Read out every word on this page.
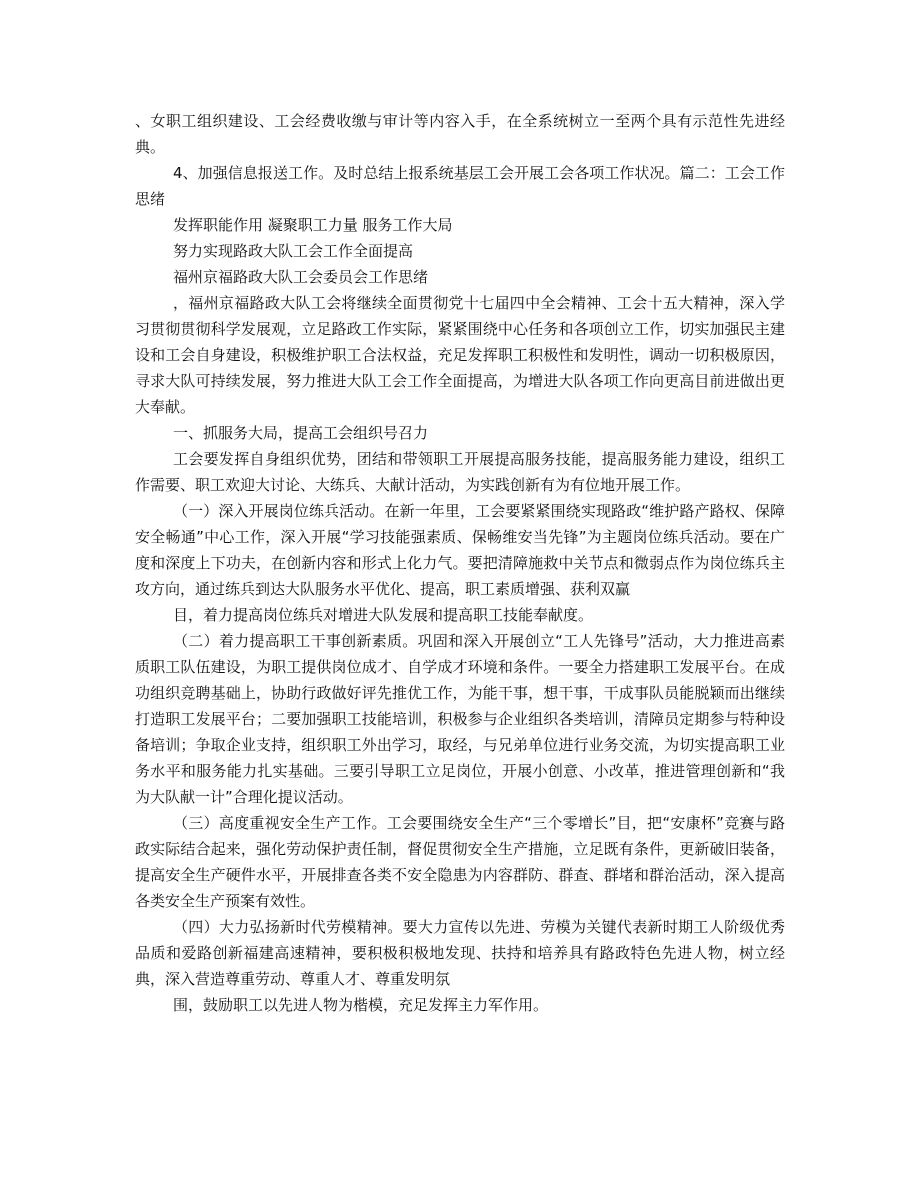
、女职工组织建设、工会经费收缴与审计等内容入手，在全系统树立一至两个具有示范性先进经典。

4、加强信息报送工作。及时总结上报系统基层工会开展工会各项工作状况。篇二：工会工作思绪

发挥职能作用 凝聚职工力量 服务工作大局

努力实现路政大队工会工作全面提高

福州京福路政大队工会委员会工作思绪

，福州京福路政大队工会将继续全面贯彻党十七届四中全会精神、工会十五大精神，深入学习贯彻贯彻科学发展观，立足路政工作实际，紧紧围绕中心任务和各项创立工作，切实加强民主建设和工会自身建设，积极维护职工合法权益，充足发挥职工积极性和发明性，调动一切积极原因，寻求大队可持续发展，努力推进大队工会工作全面提高，为增进大队各项工作向更高目前进做出更大奉献。

一、抓服务大局，提高工会组织号召力

工会要发挥自身组织优势，团结和带领职工开展提高服务技能，提高服务能力建设，组织工作需要、职工欢迎大讨论、大练兵、大献计活动，为实践创新有为有位地开展工作。

（一）深入开展岗位练兵活动。在新一年里，工会要紧紧围绕实现路政“维护路产路权、保障安全畅通”中心工作，深入开展“学习技能强素质、保畅维安当先锋”为主题岗位练兵活动。要在广度和深度上下功夫，在创新内容和形式上化力气。要把清障施救中关节点和微弱点作为岗位练兵主攻方向，通过练兵到达大队服务水平优化、提高，职工素质增强、获利双赢

目，着力提高岗位练兵对增进大队发展和提高职工技能奉献度。

（二）着力提高职工干事创新素质。巩固和深入开展创立“工人先锋号”活动，大力推进高素质职工队伍建设，为职工提供岗位成才、自学成才环境和条件。一要全力搭建职工发展平台。在成功组织竞聘基础上，协助行政做好评先推优工作，为能干事，想干事，干成事队员能脱颖而出继续打造职工发展平台；二要加强职工技能培训，积极参与企业组织各类培训，清障员定期参与特种设备培训；争取企业支持，组织职工外出学习，取经，与兄弟单位进行业务交流，为切实提高职工业务水平和服务能力扎实基础。三要引导职工立足岗位，开展小创意、小改革，推进管理创新和“我为大队献一计”合理化提议活动。

（三）高度重视安全生产工作。工会要围绕安全生产“三个零增长”目，把“安康杯”竞赛与路政实际结合起来，强化劳动保护责任制，督促贯彻安全生产措施，立足既有条件，更新破旧装备，提高安全生产硬件水平，开展排查各类不安全隐患为内容群防、群查、群堵和群治活动，深入提高各类安全生产预案有效性。

（四）大力弘扬新时代劳模精神。要大力宣传以先进、劳模为关键代表新时期工人阶级优秀品质和爱路创新福建高速精神，要积极积极地发现、扶持和培养具有路政特色先进人物，树立经典，深入营造尊重劳动、尊重人才、尊重发明氛

围，鼓励职工以先进人物为楷模，充足发挥主力军作用。
